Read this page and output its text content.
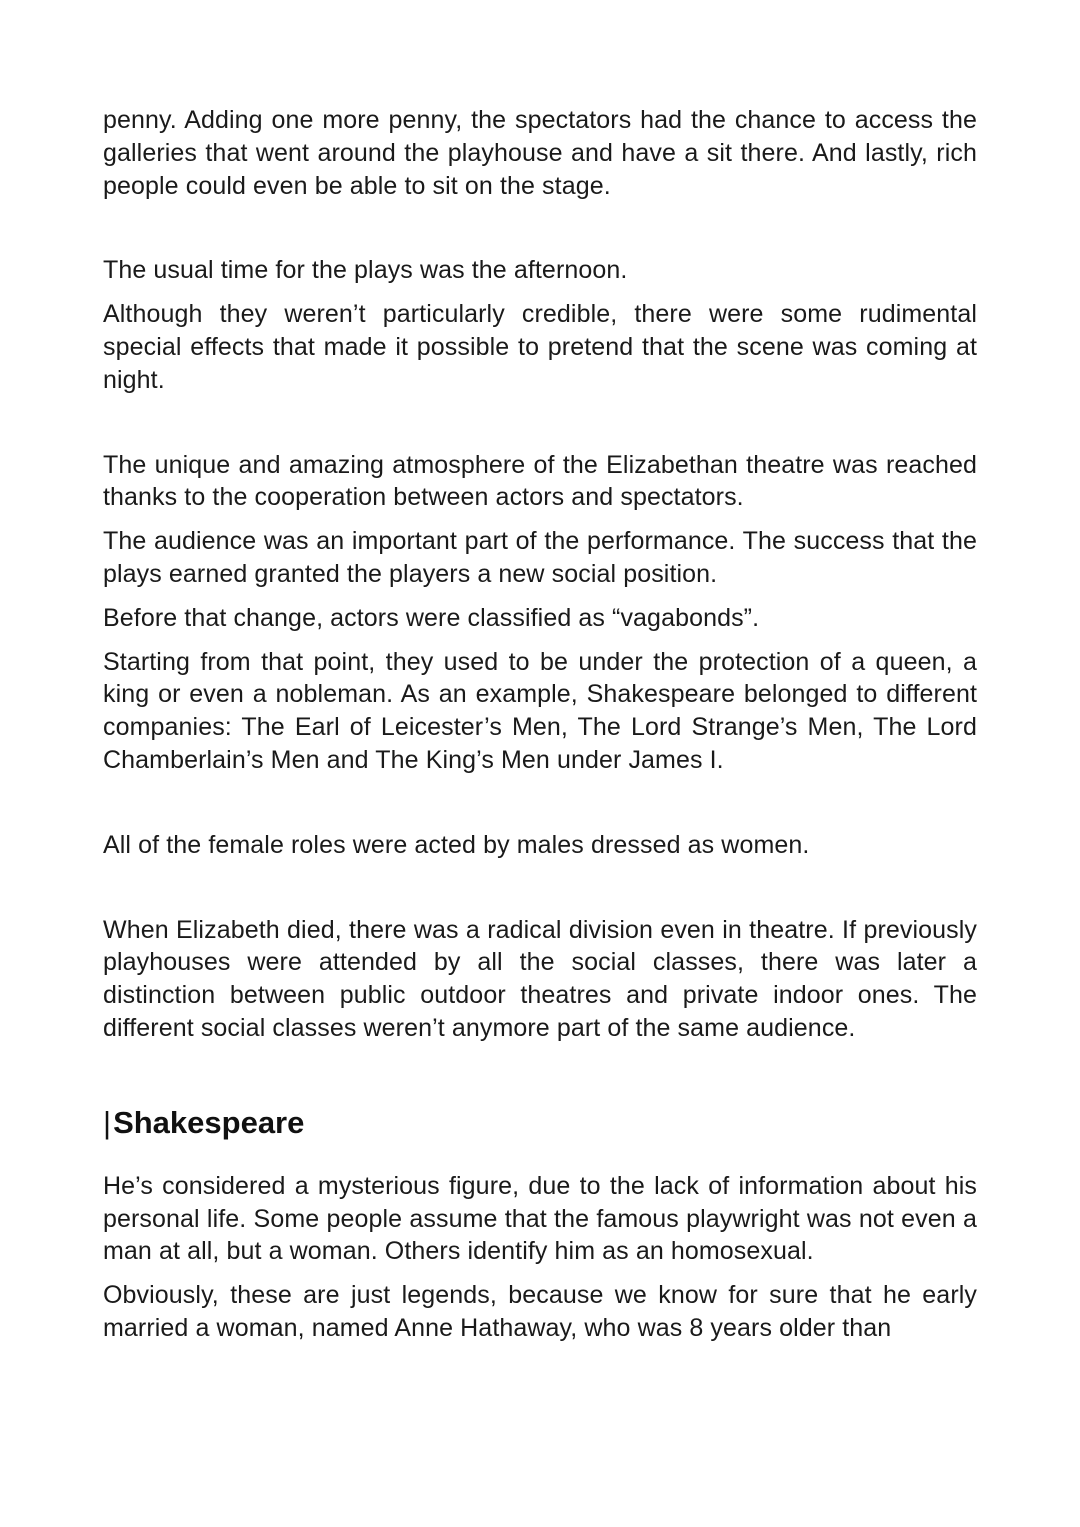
penny. Adding one more penny, the spectators had the chance to access the galleries that went around the playhouse and have a sit there. And lastly, rich people could even be able to sit on the stage.

The usual time for the plays was the afternoon.

Although they weren’t particularly credible, there were some rudimental special effects that made it possible to pretend that the scene was coming at night.

The unique and amazing atmosphere of the Elizabethan theatre was reached thanks to the cooperation between actors and spectators.

The audience was an important part of the performance. The success that the plays earned granted the players a new social position.

Before that change, actors were classified as “vagabonds”.

Starting from that point, they used to be under the protection of a queen, a king or even a nobleman. As an example, Shakespeare belonged to different companies: The Earl of Leicester’s Men, The Lord Strange’s Men, The Lord Chamberlain’s Men and The King’s Men under James I.

All of the female roles were acted by males dressed as women.

When Elizabeth died, there was a radical division even in theatre. If previously playhouses were attended by all the social classes, there was later a distinction between public outdoor theatres and private indoor ones. The different social classes weren’t anymore part of the same audience.

|Shakespeare

He’s considered a mysterious figure, due to the lack of information about his personal life. Some people assume that the famous playwright was not even a man at all, but a woman. Others identify him as an homosexual.

Obviously, these are just legends, because we know for sure that he early married a woman, named Anne Hathaway, who was 8 years older than
